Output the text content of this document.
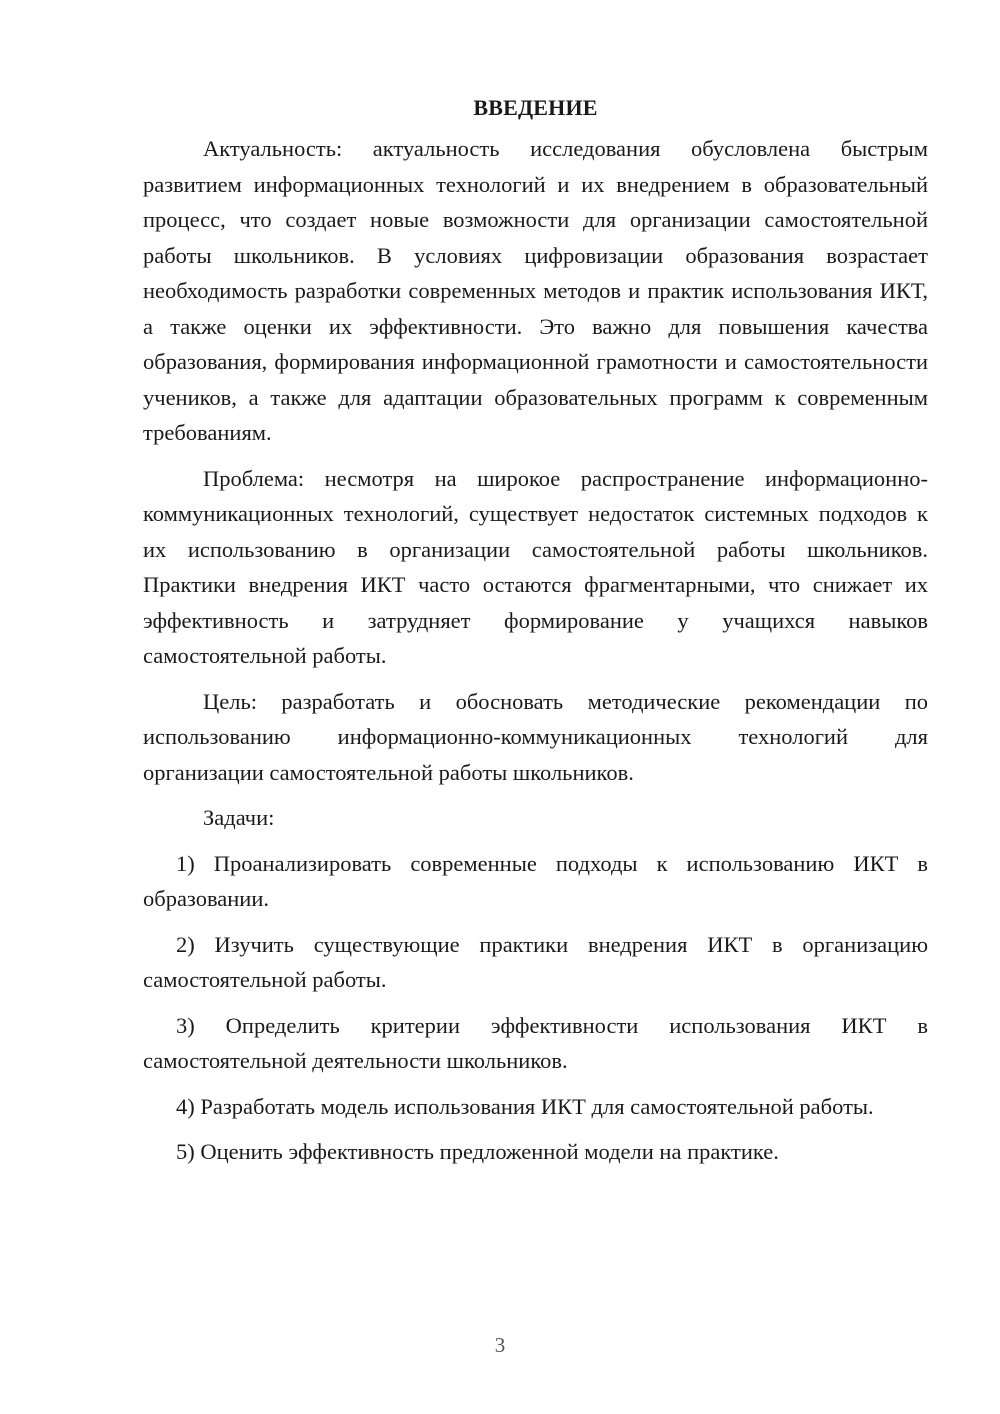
ВВЕДЕНИЕ

Актуальность: актуальность исследования обусловлена быстрым развитием информационных технологий и их внедрением в образовательный процесс, что создает новые возможности для организации самостоятельной работы школьников. В условиях цифровизации образования возрастает необходимость разработки современных методов и практик использования ИКТ, а также оценки их эффективности. Это важно для повышения качества образования, формирования информационной грамотности и самостоятельности учеников, а также для адаптации образовательных программ к современным требованиям.

Проблема: несмотря на широкое распространение информационно-коммуникационных технологий, существует недостаток системных подходов к их использованию в организации самостоятельной работы школьников. Практики внедрения ИКТ часто остаются фрагментарными, что снижает их эффективность и затрудняет формирование у учащихся навыков самостоятельной работы.

Цель: разработать и обосновать методические рекомендации по использованию информационно-коммуникационных технологий для организации самостоятельной работы школьников.

Задачи:

1) Проанализировать современные подходы к использованию ИКТ в образовании.

2) Изучить существующие практики внедрения ИКТ в организацию самостоятельной работы.

3) Определить критерии эффективности использования ИКТ в самостоятельной деятельности школьников.

4) Разработать модель использования ИКТ для самостоятельной работы.

5) Оценить эффективность предложенной модели на практике.

3
